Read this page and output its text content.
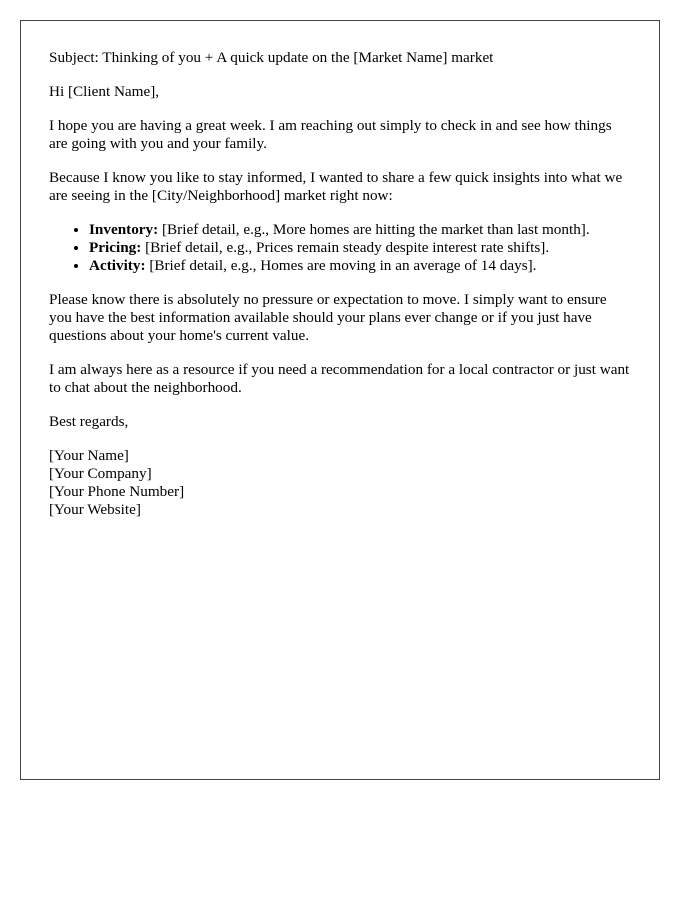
Subject: Thinking of you + A quick update on the [Market Name] market

Hi [Client Name],

I hope you are having a great week. I am reaching out simply to check in and see how things are going with you and your family.

Because I know you like to stay informed, I wanted to share a few quick insights into what we are seeing in the [City/Neighborhood] market right now:

• Inventory: [Brief detail, e.g., More homes are hitting the market than last month].
• Pricing: [Brief detail, e.g., Prices remain steady despite interest rate shifts].
• Activity: [Brief detail, e.g., Homes are moving in an average of 14 days].

Please know there is absolutely no pressure or expectation to move. I simply want to ensure you have the best information available should your plans ever change or if you just have questions about your home's current value.

I am always here as a resource if you need a recommendation for a local contractor or just want to chat about the neighborhood.

Best regards,

[Your Name]
[Your Company]
[Your Phone Number]
[Your Website]
